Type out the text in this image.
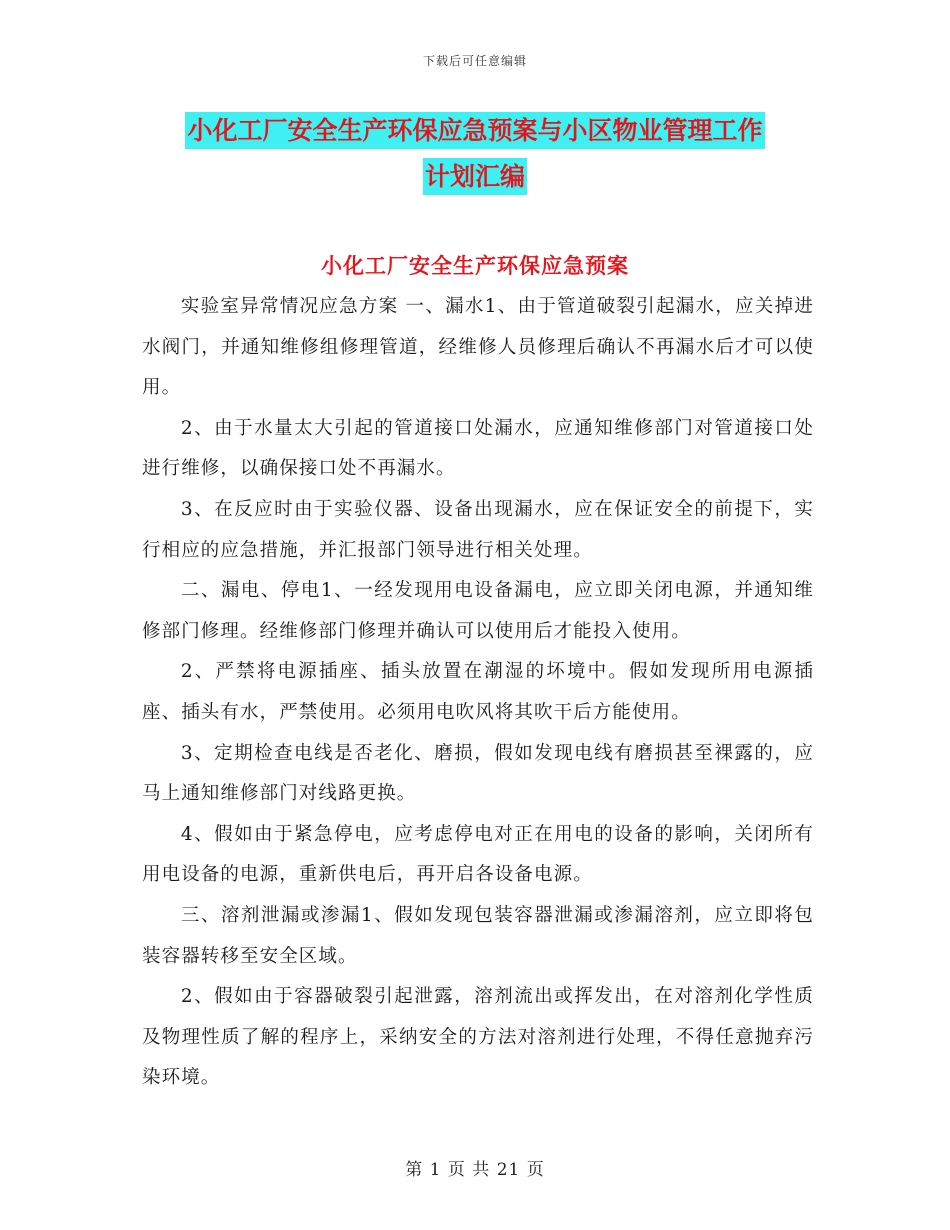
下载后可任意编辑
小化工厂安全生产环保应急预案与小区物业管理工作
计划汇编
小化工厂安全生产环保应急预案

实验室异常情况应急方案 一、漏水1、由于管道破裂引起漏水，应关掉进水阀门，并通知维修组修理管道，经维修人员修理后确认不再漏水后才可以使用。

2、由于水量太大引起的管道接口处漏水，应通知维修部门对管道接口处进行维修，以确保接口处不再漏水。

3、在反应时由于实验仪器、设备出现漏水，应在保证安全的前提下，实行相应的应急措施，并汇报部门领导进行相关处理。

二、漏电、停电1、一经发现用电设备漏电，应立即关闭电源，并通知维修部门修理。经维修部门修理并确认可以使用后才能投入使用。

2、严禁将电源插座、插头放置在潮湿的坏境中。假如发现所用电源插座、插头有水，严禁使用。必须用电吹风将其吹干后方能使用。

3、定期检查电线是否老化、磨损，假如发现电线有磨损甚至裸露的，应马上通知维修部门对线路更换。

4、假如由于紧急停电，应考虑停电对正在用电的设备的影响，关闭所有用电设备的电源，重新供电后，再开启各设备电源。

三、溶剂泄漏或渗漏1、假如发现包装容器泄漏或渗漏溶剂，应立即将包装容器转移至安全区域。

2、假如由于容器破裂引起泄露，溶剂流出或挥发出，在对溶剂化学性质及物理性质了解的程序上，采纳安全的方法对溶剂进行处理，不得任意抛弃污染环境。

第 1 页 共 21 页
